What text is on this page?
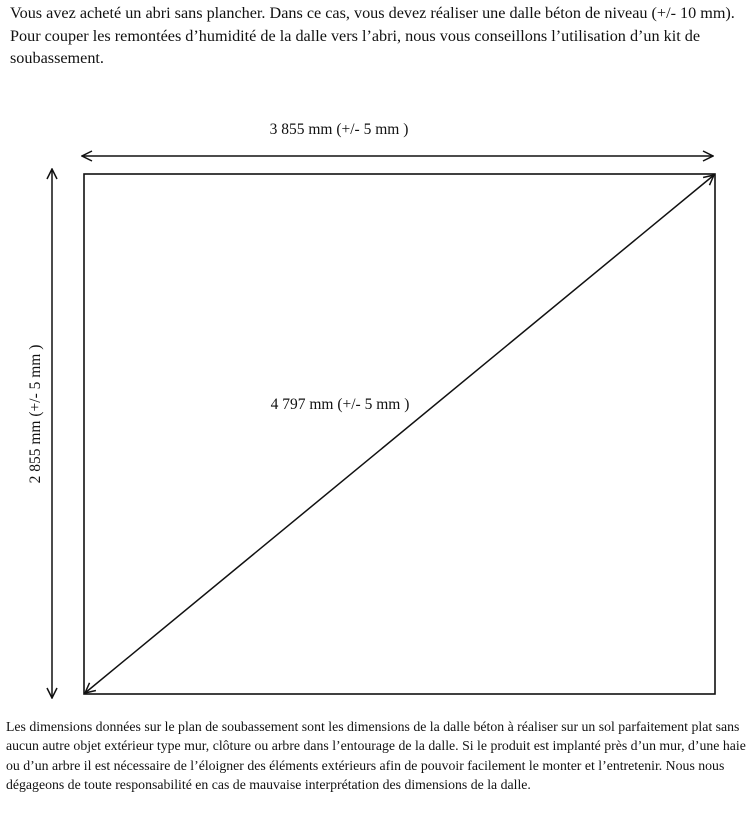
Vous avez acheté un abri sans plancher. Dans ce cas, vous devez réaliser une dalle béton de niveau (+/- 10 mm). Pour couper les remontées d’humidité de la dalle vers l’abri, nous vous conseillons l’utilisation d’un kit de soubassement.

3 855 mm (+/- 5 mm )
2 855 mm (+/- 5 mm )	4 797 mm (+/- 5 mm )

Les dimensions données sur le plan de soubassement sont les dimensions de la dalle béton à réaliser sur un sol parfaitement plat sans aucun autre objet extérieur type mur, clôture ou arbre dans l’entourage de la dalle. Si le produit est implanté près d’un mur, d’une haie ou d’un arbre il est nécessaire de l’éloigner des éléments extérieurs afin de pouvoir facilement le monter et l’entretenir. Nous nous dégageons de toute responsabilité en cas de mauvaise interprétation des dimensions de la dalle.
